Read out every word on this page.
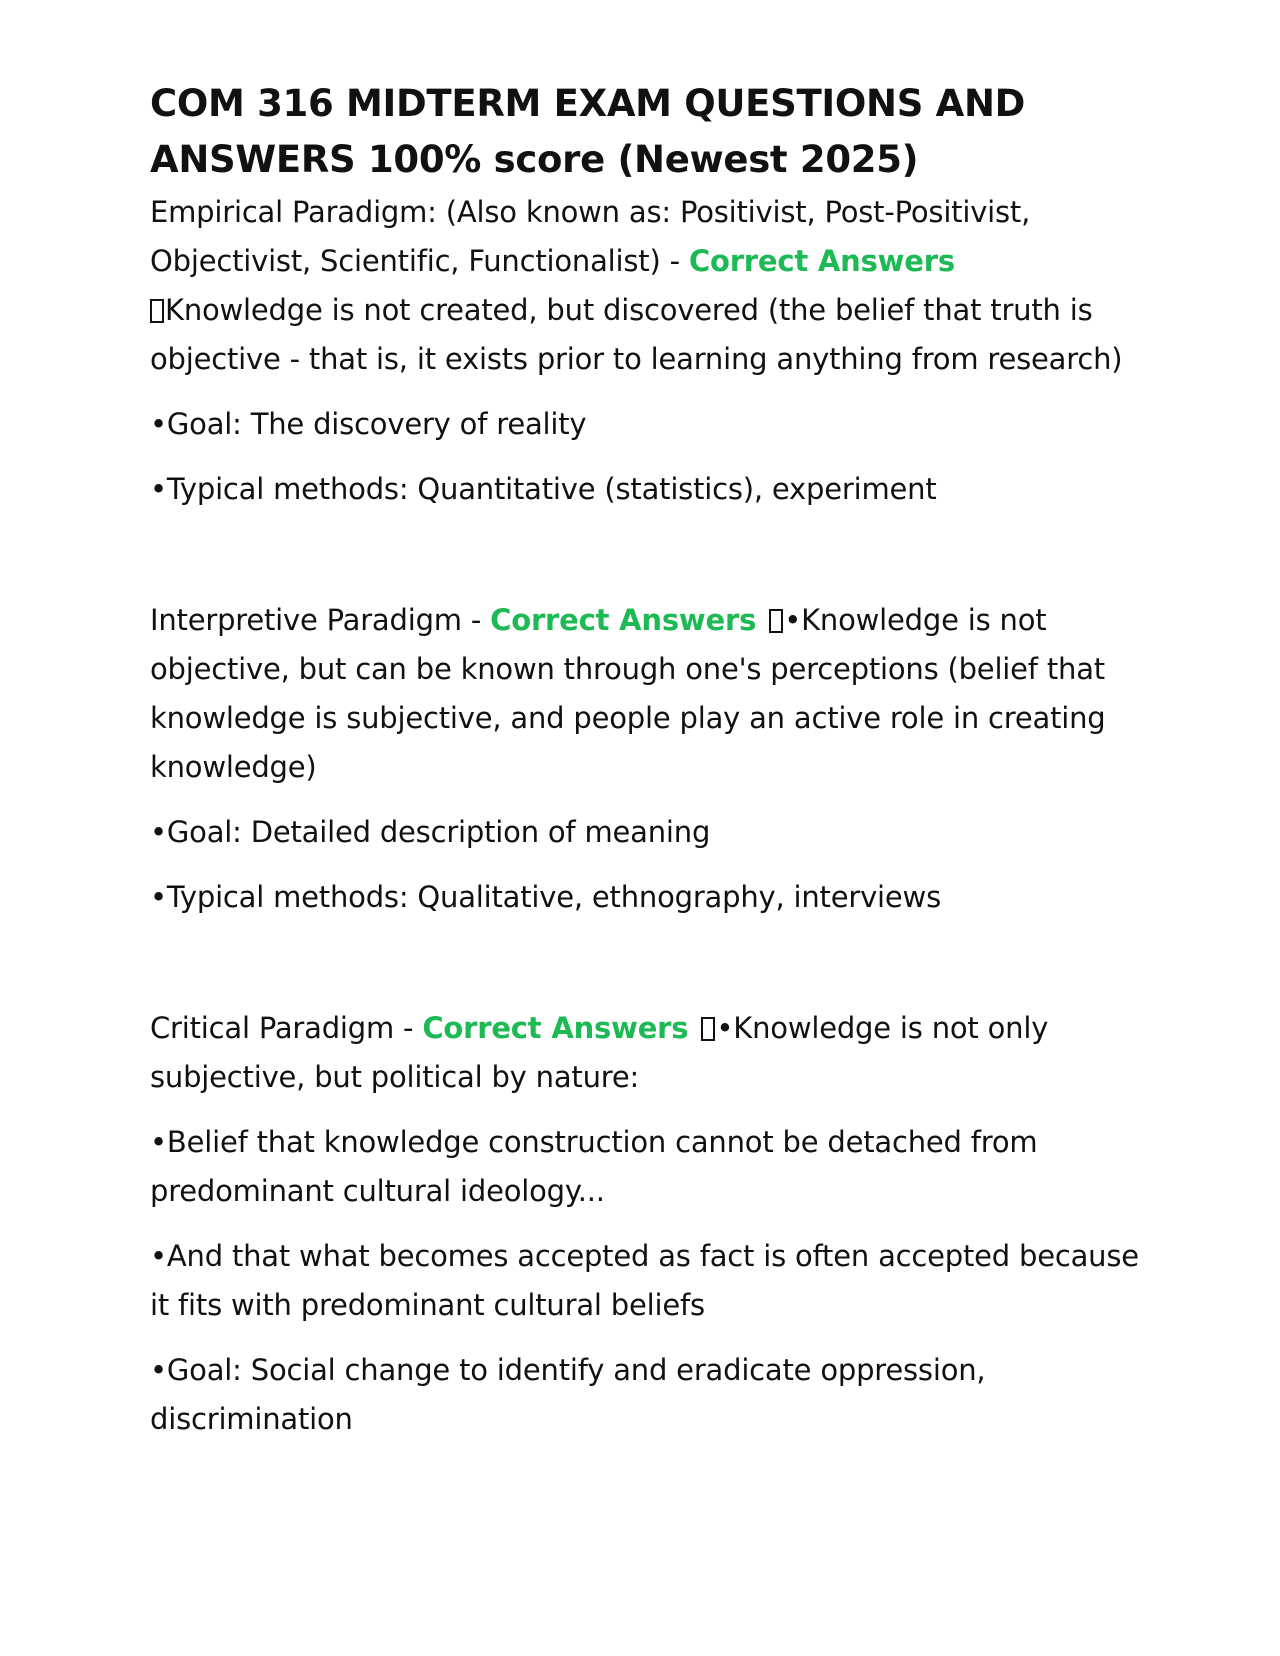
COM 316 MIDTERM EXAM QUESTIONS AND ANSWERS 100% score (Newest 2025)

Empirical Paradigm: (Also known as: Positivist, Post-Positivist, Objectivist, Scientific, Functionalist) - Correct Answers
Knowledge is not created, but discovered (the belief that truth is objective - that is, it exists prior to learning anything from research)

•Goal: The discovery of reality

•Typical methods: Quantitative (statistics), experiment

Interpretive Paradigm - Correct Answers •Knowledge is not objective, but can be known through one's perceptions (belief that knowledge is subjective, and people play an active role in creating knowledge)

•Goal: Detailed description of meaning

•Typical methods: Qualitative, ethnography, interviews

Critical Paradigm - Correct Answers •Knowledge is not only subjective, but political by nature:

•Belief that knowledge construction cannot be detached from predominant cultural ideology...

•And that what becomes accepted as fact is often accepted because it fits with predominant cultural beliefs

•Goal: Social change to identify and eradicate oppression, discrimination
